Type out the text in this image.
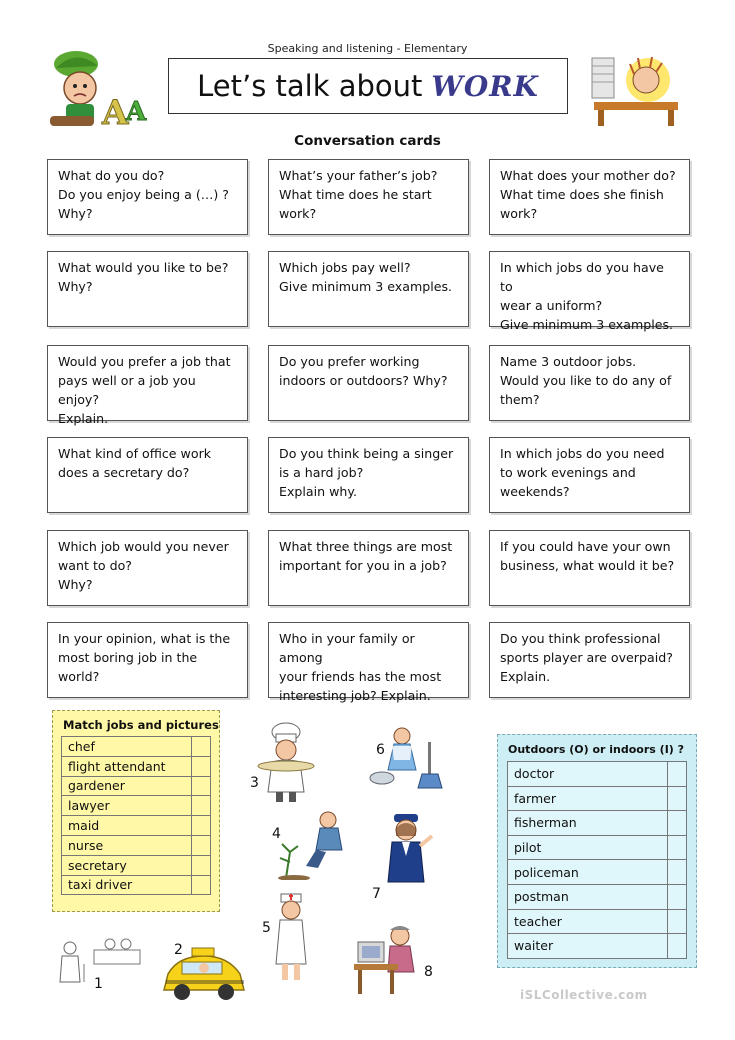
Speaking and listening - Elementary
A
A
Let’s talk about WORK
Conversation cards
What do you do?
Do you enjoy being a (…) ?
Why?
What’s your father’s job?
What time does he start
work?
What does your mother do?
What time does she finish
work?
What would you like to be?
Why?
Which jobs pay well?
Give minimum 3 examples.
In which jobs do you have to
wear a uniform?
Give minimum 3 examples.
Would you prefer a job that
pays well or a job you enjoy?
Explain.
Do you prefer working
indoors or outdoors? Why?
Name 3 outdoor jobs.
Would you like to do any of
them?
What kind of office work
does a secretary do?
Do you think being a singer
is a hard job?
Explain why.
In which jobs do you need
to work evenings and
weekends?
Which job would you never
want to do?
Why?
What three things are most
important for you in a job?
If you could have your own
business, what would it be?
In your opinion, what is the
most boring job in the
world?
Who in your family or among
your friends has the most
interesting job? Explain.
Do you think professional
sports player are overpaid?
Explain.
Match jobs and pictures
chef	
flight attendant	
gardener	
lawyer	
maid	
nurse	
secretary	
taxi driver	
Outdoors (O) or indoors (I) ?
doctor	
farmer	
fisherman	
pilot	
policeman	
postman	
teacher	
waiter	
3
6
4
7
5
8
1
2
iSLCollective.com
